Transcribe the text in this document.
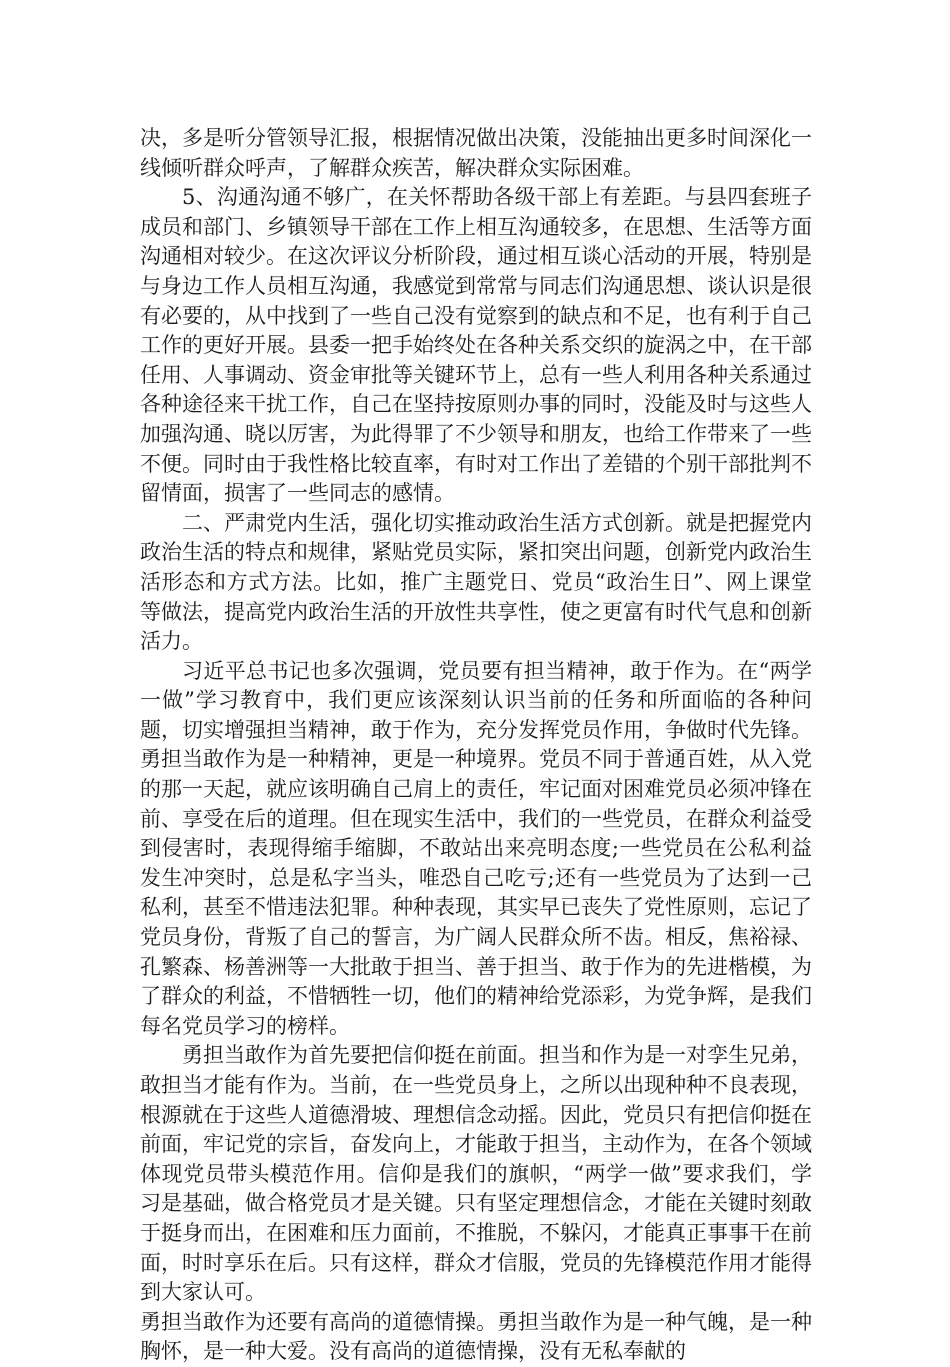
决，多是听分管领导汇报，根据情况做出决策，没能抽出更多时间深化一线倾听群众呼声，了解群众疾苦，解决群众实际困难。

5、沟通沟通不够广，在关怀帮助各级干部上有差距。与县四套班子成员和部门、乡镇领导干部在工作上相互沟通较多，在思想、生活等方面沟通相对较少。在这次评议分析阶段，通过相互谈心活动的开展，特别是与身边工作人员相互沟通，我感觉到常常与同志们沟通思想、谈认识是很有必要的，从中找到了一些自己没有觉察到的缺点和不足，也有利于自己工作的更好开展。县委一把手始终处在各种关系交织的旋涡之中，在干部任用、人事调动、资金审批等关键环节上，总有一些人利用各种关系通过各种途径来干扰工作，自己在坚持按原则办事的同时，没能及时与这些人加强沟通、晓以厉害，为此得罪了不少领导和朋友，也给工作带来了一些不便。同时由于我性格比较直率，有时对工作出了差错的个别干部批判不留情面，损害了一些同志的感情。

二、严肃党内生活，强化切实推动政治生活方式创新。就是把握党内政治生活的特点和规律，紧贴党员实际，紧扣突出问题，创新党内政治生活形态和方式方法。比如，推广主题党日、党员“政治生日”、网上课堂等做法，提高党内政治生活的开放性共享性，使之更富有时代气息和创新活力。

习近平总书记也多次强调，党员要有担当精神，敢于作为。在“两学一做”学习教育中，我们更应该深刻认识当前的任务和所面临的各种问题，切实增强担当精神，敢于作为，充分发挥党员作用，争做时代先锋。勇担当敢作为是一种精神，更是一种境界。党员不同于普通百姓，从入党的那一天起，就应该明确自己肩上的责任，牢记面对困难党员必须冲锋在前、享受在后的道理。但在现实生活中，我们的一些党员，在群众利益受到侵害时，表现得缩手缩脚，不敢站出来亮明态度;一些党员在公私利益发生冲突时，总是私字当头，唯恐自己吃亏;还有一些党员为了达到一己私利，甚至不惜违法犯罪。种种表现，其实早已丧失了党性原则，忘记了党员身份，背叛了自己的誓言，为广阔人民群众所不齿。相反，焦裕禄、孔繁森、杨善洲等一大批敢于担当、善于担当、敢于作为的先进楷模，为了群众的利益，不惜牺牲一切，他们的精神给党添彩，为党争辉，是我们每名党员学习的榜样。

勇担当敢作为首先要把信仰挺在前面。担当和作为是一对孪生兄弟，敢担当才能有作为。当前，在一些党员身上，之所以出现种种不良表现，根源就在于这些人道德滑坡、理想信念动摇。因此，党员只有把信仰挺在前面，牢记党的宗旨，奋发向上，才能敢于担当，主动作为，在各个领域体现党员带头模范作用。信仰是我们的旗帜，“两学一做”要求我们，学习是基础，做合格党员才是关键。只有坚定理想信念，才能在关键时刻敢于挺身而出，在困难和压力面前，不推脱，不躲闪，才能真正事事干在前面，时时享乐在后。只有这样，群众才信服，党员的先锋模范作用才能得到大家认可。

勇担当敢作为还要有高尚的道德情操。勇担当敢作为是一种气魄，是一种胸怀，是一种大爱。没有高尚的道德情操，没有无私奉献的
